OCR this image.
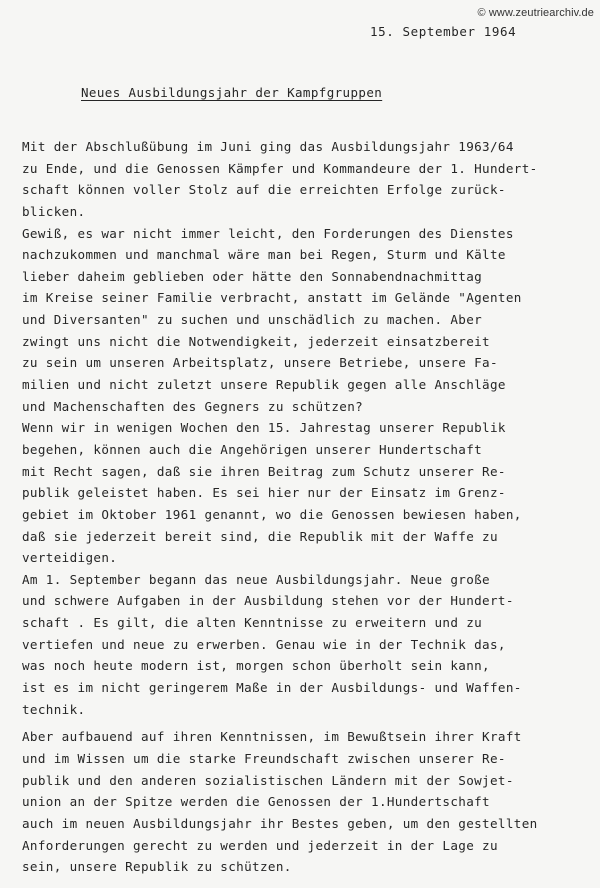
© www.zeutriearchiv.de
15. September 1964
Neues Ausbildungsjahr der Kampfgruppen
Mit der Abschlußübung im Juni ging das Ausbildungsjahr 1963/64
zu Ende, und die Genossen Kämpfer und Kommandeure der 1. Hundert-
schaft können voller Stolz auf die erreichten Erfolge zurück-
blicken.
Gewiß, es war nicht immer leicht, den Forderungen des Dienstes
nachzukommen und manchmal wäre man bei Regen, Sturm und Kälte
lieber daheim geblieben oder hätte den Sonnabendnachmittag
im Kreise seiner Familie verbracht, anstatt im Gelände "Agenten
und Diversanten" zu suchen und unschädlich zu machen. Aber
zwingt uns nicht die Notwendigkeit, jederzeit einsatzbereit
zu sein um unseren Arbeitsplatz, unsere Betriebe, unsere Fa-
milien und nicht zuletzt unsere Republik gegen alle Anschläge
und Machenschaften des Gegners zu schützen?
Wenn wir in wenigen Wochen den 15. Jahrestag unserer Republik
begehen, können auch die Angehörigen unserer Hundertschaft
mit Recht sagen, daß sie ihren Beitrag zum Schutz unserer Re-
publik geleistet haben. Es sei hier nur der Einsatz im Grenz-
gebiet im Oktober 1961 genannt, wo die Genossen bewiesen haben,
daß sie jederzeit bereit sind, die Republik mit der Waffe zu
verteidigen.
Am 1. September begann das neue Ausbildungsjahr. Neue große
und schwere Aufgaben in der Ausbildung stehen vor der Hundert-
schaft . Es gilt, die alten Kenntnisse zu erweitern und zu
vertiefen und neue zu erwerben. Genau wie in der Technik das,
was noch heute modern ist, morgen schon überholt sein kann,
ist es im nicht geringerem Maße in der Ausbildungs- und Waffen-
technik.
Aber aufbauend auf ihren Kenntnissen, im Bewußtsein ihrer Kraft
und im Wissen um die starke Freundschaft zwischen unserer Re-
publik und den anderen sozialistischen Ländern mit der Sowjet-
union an der Spitze werden die Genossen der 1.Hundertschaft
auch im neuen Ausbildungsjahr ihr Bestes geben, um den gestellten
Anforderungen gerecht zu werden und jederzeit in der Lage zu
sein, unsere Republik zu schützen.
